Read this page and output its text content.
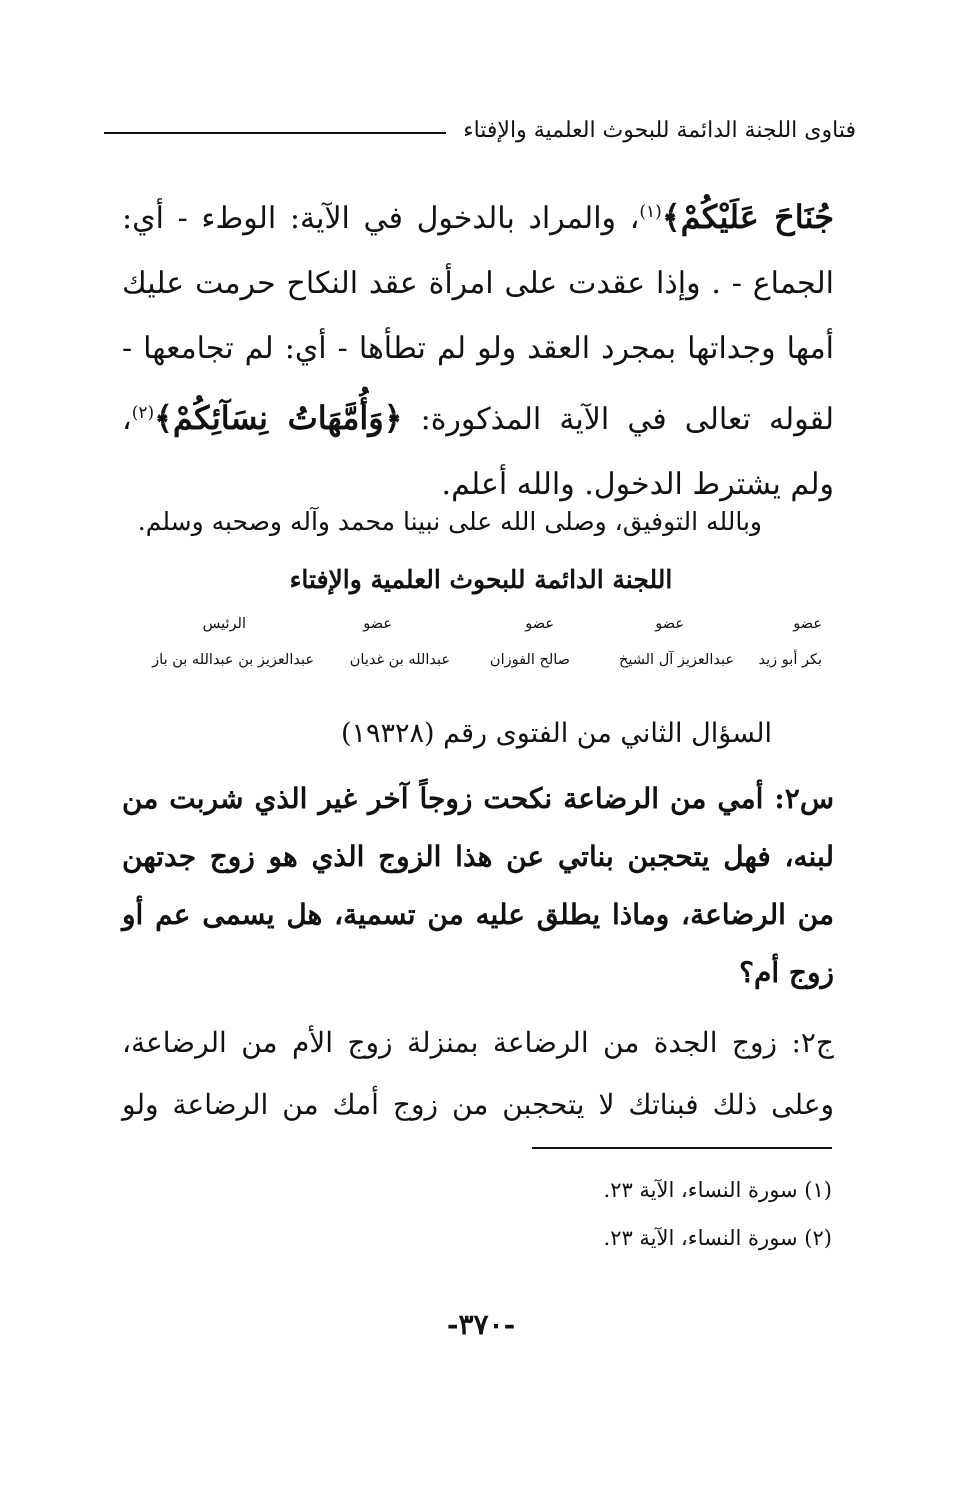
فتاوى اللجنة الدائمة للبحوث العلمية والإفتاء
جُنَاحَ عَلَيْكُمْ﴾$^{(١)}$، والمراد بالدخول في الآية: الوطء - أي: الجماع - . وإذا عقدت على امرأة عقد النكاح حرمت عليك أمها وجداتها بمجرد العقد ولو لم تطأها - أي: لم تجامعها - لقوله تعالى في الآية المذكورة: ﴿وَأُمَّهَاتُ نِسَآئِكُمْ﴾$^{(٢)}$، ولم يشترط الدخول. والله أعلم.
وبالله التوفيق، وصلى الله على نبينا محمد وآله وصحبه وسلم.
اللجنة الدائمة للبحوث العلمية والإفتاء
عضو
عضو
عضو
عضو
الرئيس
بكر أبو زيد
عبدالعزيز آل الشيخ
صالح الفوزان
عبدالله بن غديان
عبدالعزيز بن عبدالله بن باز
السؤال الثاني من الفتوى رقم (١٩٣٢٨)
س٢: أمي من الرضاعة نكحت زوجاً آخر غير الذي شربت من لبنه، فهل يتحجبن بناتي عن هذا الزوج الذي هو زوج جدتهن من الرضاعة، وماذا يطلق عليه من تسمية، هل يسمى عم أو زوج أم؟
ج٢: زوج الجدة من الرضاعة بمنزلة زوج الأم من الرضاعة، وعلى ذلك فبناتك لا يتحجبن من زوج أمك من الرضاعة ولو
(١) سورة النساء، الآية ٢٣.
(٢) سورة النساء، الآية ٢٣.
-٣٧٠-
